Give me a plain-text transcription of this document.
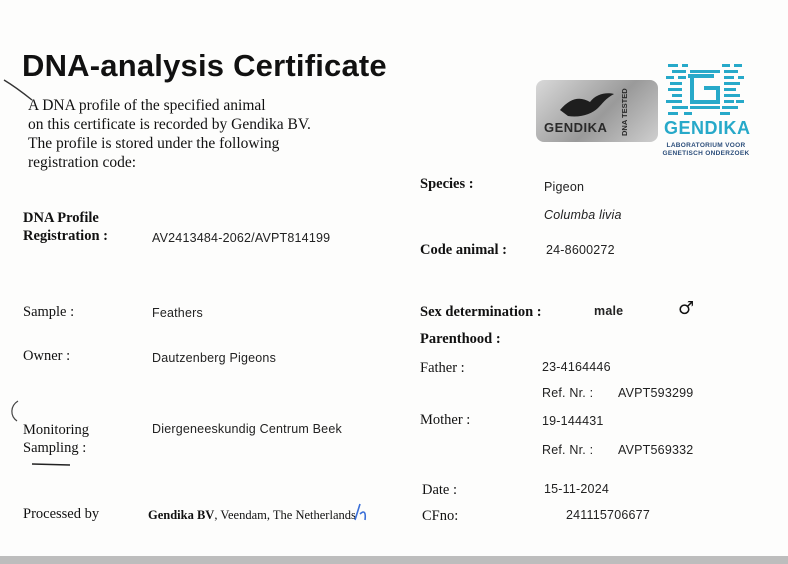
DNA-analysis Certificate
A DNA profile of the specified animal
on this certificate is recorded by Gendika BV.
The profile is stored under the following
registration code:
GENDIKA DNA TESTED GENDIKA
LABORATORIUM VOOR
GENETISCH ONDERZOEK
DNA Profile
Registration :	AV2413484-2062/AVPT814199
Sample :	Feathers
Owner :	Dautzenberg Pigeons
Monitoring
Sampling :
Diergeneeskundig Centrum Beek
Processed by	Gendika BV, Veendam, The Netherlands
Species :	Pigeon
Columba livia
Code animal :	24-8600272
Sex determination :	male	♂
Parenthood :
Father :	23-4164446
Ref. Nr. : AVPT593299
Mother :	19-144431
Ref. Nr. : AVPT569332
Date :	15-11-2024
CFno:	241115706677
